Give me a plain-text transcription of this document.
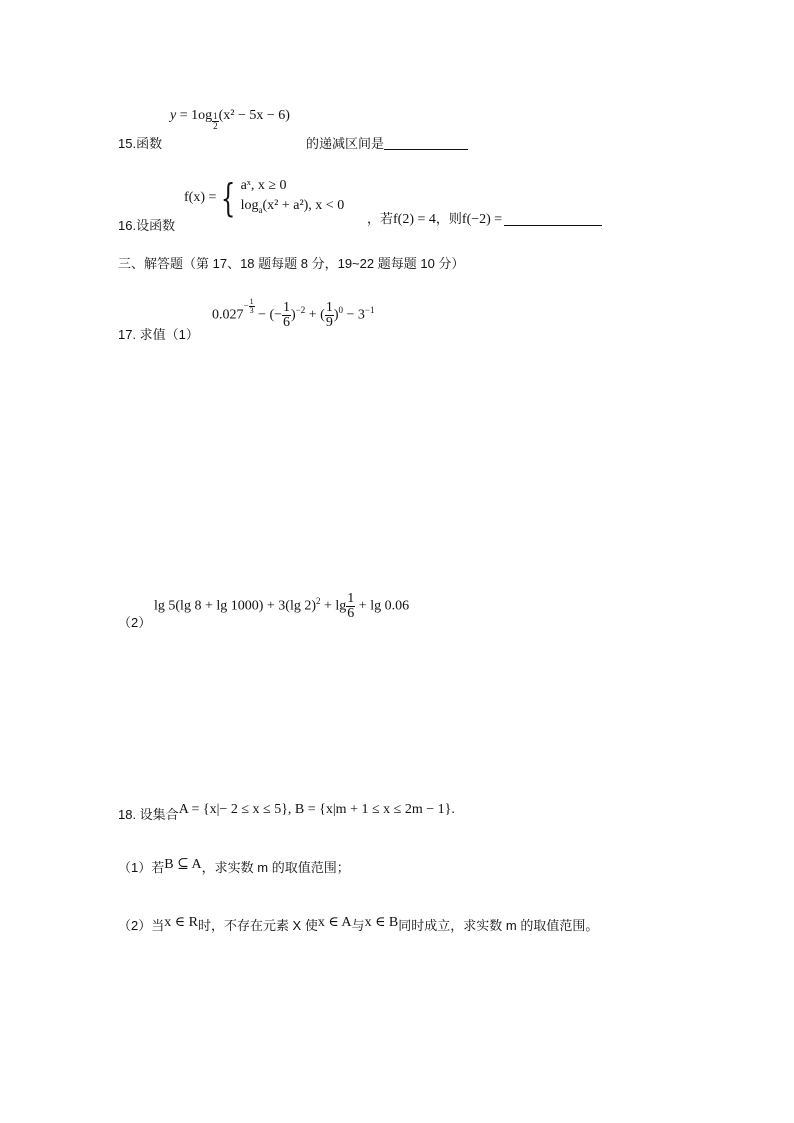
$y = 1og \frac{1}{2} (x^2 - 5x - 6)$
15.函数	的递减区间是
16.设函数
f(x) = { aˣ, x ≥ 0
$\log_a(x^2 + a^2)$, x < 0
，若f(2) = 4，则f(−2) =
三、解答题（第 17、18 题每题 8 分，19~22 题每题 10 分）
$0.027- \frac{1}{3}$
− (− $\frac{1}{6} )^{-2}$ + ( $\frac{1}{9} )^0 - 3^{-1}$
17. 求值（1）
（2）
lg 5(lg 8 + lg 1000) + 3(lg $2)^2 + \lg \frac{1}{6} + \lg 0.06$
18. 设集合A = {x|− 2 ≤ x ≤ 5}, B = {x|m + 1 ≤ x ≤ 2m − 1}.
（1）若B ⊆ A，求实数 m 的取值范围；
（2）当x ∈ R时，不存在元素 X 使x ∈ A与x ∈ B同时成立，求实数 m 的取值范围。
